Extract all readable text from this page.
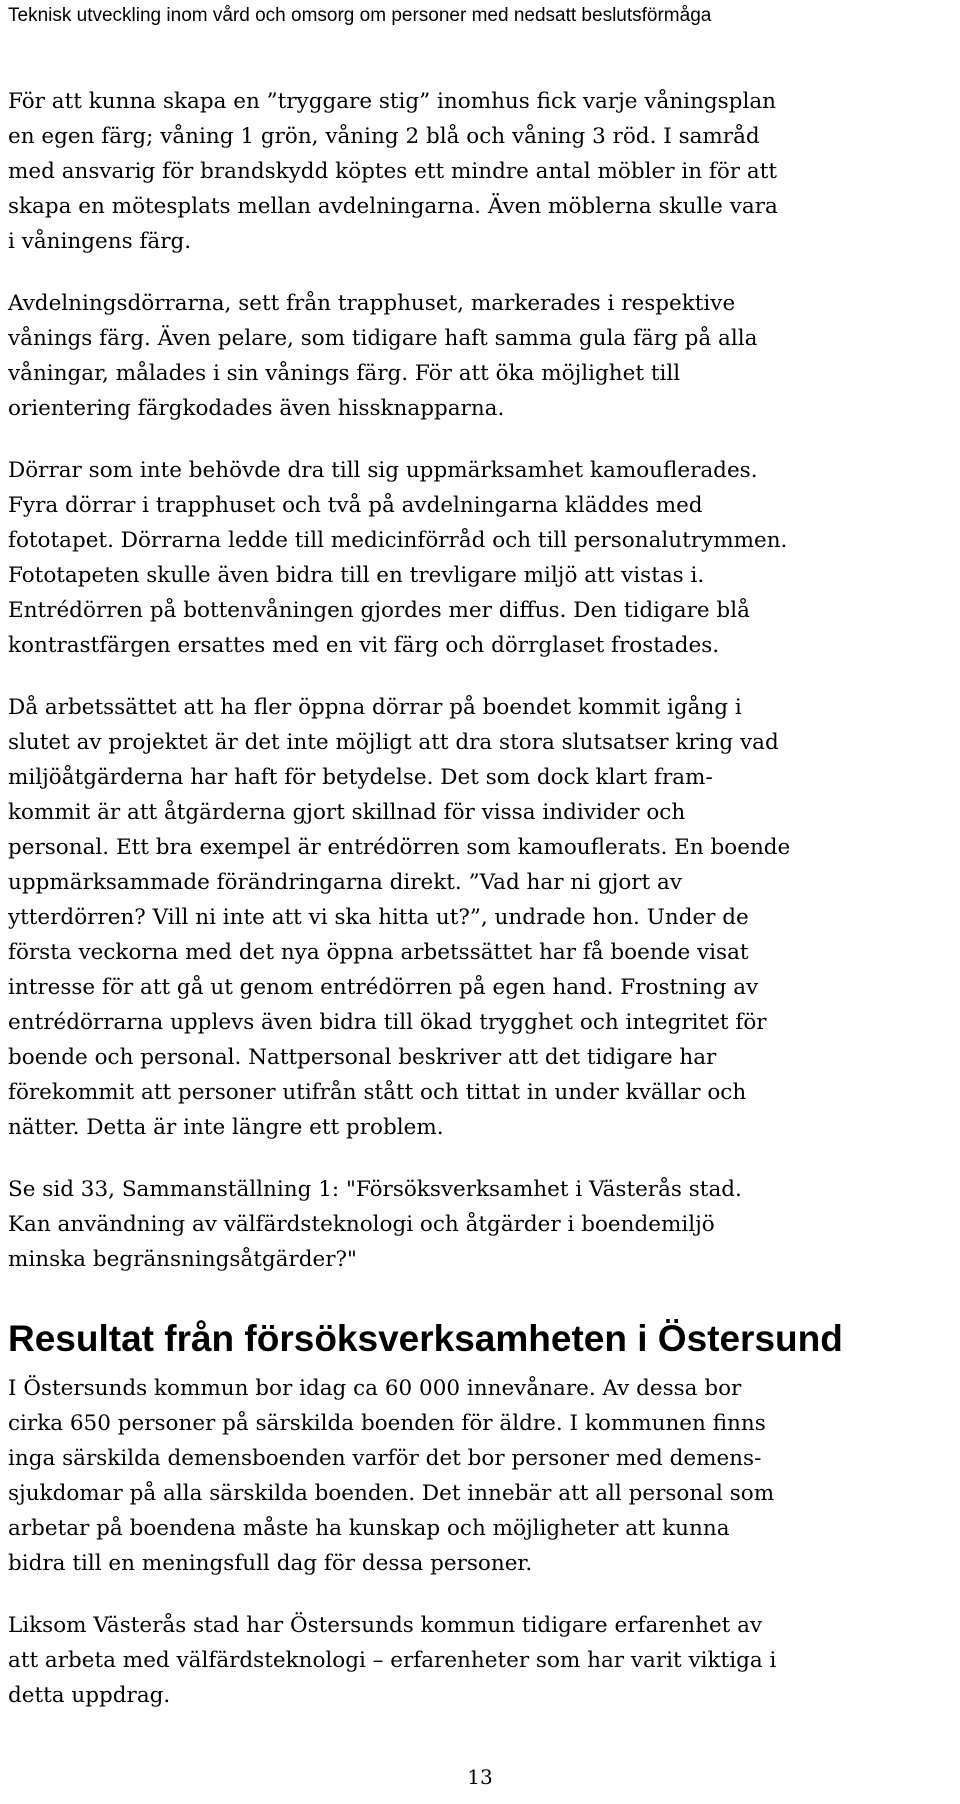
Teknisk utveckling inom vård och omsorg om personer med nedsatt beslutsförmåga

För att kunna skapa en ”tryggare stig” inomhus fick varje våningsplan
en egen färg; våning 1 grön, våning 2 blå och våning 3 röd. I samråd
med ansvarig för brandskydd köptes ett mindre antal möbler in för att
skapa en mötesplats mellan avdelningarna. Även möblerna skulle vara
i våningens färg.

Avdelningsdörrarna, sett från trapphuset, markerades i respektive
vånings färg. Även pelare, som tidigare haft samma gula färg på alla
våningar, målades i sin vånings färg. För att öka möjlighet till
orientering färgkodades även hissknapparna.

Dörrar som inte behövde dra till sig uppmärksamhet kamouflerades.
Fyra dörrar i trapphuset och två på avdelningarna kläddes med
fototapet. Dörrarna ledde till medicinförråd och till personalutrymmen.
Fototapeten skulle även bidra till en trevligare miljö att vistas i.
Entrédörren på bottenvåningen gjordes mer diffus. Den tidigare blå
kontrastfärgen ersattes med en vit färg och dörrglaset frostades.

Då arbetssättet att ha fler öppna dörrar på boendet kommit igång i
slutet av projektet är det inte möjligt att dra stora slutsatser kring vad
miljöåtgärderna har haft för betydelse. Det som dock klart fram-
kommit är att åtgärderna gjort skillnad för vissa individer och
personal. Ett bra exempel är entrédörren som kamouflerats. En boende
uppmärksammade förändringarna direkt. ”Vad har ni gjort av
ytterdörren? Vill ni inte att vi ska hitta ut?”, undrade hon. Under de
första veckorna med det nya öppna arbetssättet har få boende visat
intresse för att gå ut genom entrédörren på egen hand. Frostning av
entrédörrarna upplevs även bidra till ökad trygghet och integritet för
boende och personal. Nattpersonal beskriver att det tidigare har
förekommit att personer utifrån stått och tittat in under kvällar och
nätter. Detta är inte längre ett problem.

Se sid 33, Sammanställning 1: "Försöksverksamhet i Västerås stad.
Kan användning av välfärdsteknologi och åtgärder i boendemiljö
minska begränsningsåtgärder?"

Resultat från försöksverksamheten i Östersund

I Östersunds kommun bor idag ca 60 000 innevånare. Av dessa bor
cirka 650 personer på särskilda boenden för äldre. I kommunen finns
inga särskilda demensboenden varför det bor personer med demens-
sjukdomar på alla särskilda boenden. Det innebär att all personal som
arbetar på boendena måste ha kunskap och möjligheter att kunna
bidra till en meningsfull dag för dessa personer.

Liksom Västerås stad har Östersunds kommun tidigare erfarenhet av
att arbeta med välfärdsteknologi – erfarenheter som har varit viktiga i
detta uppdrag.

13
